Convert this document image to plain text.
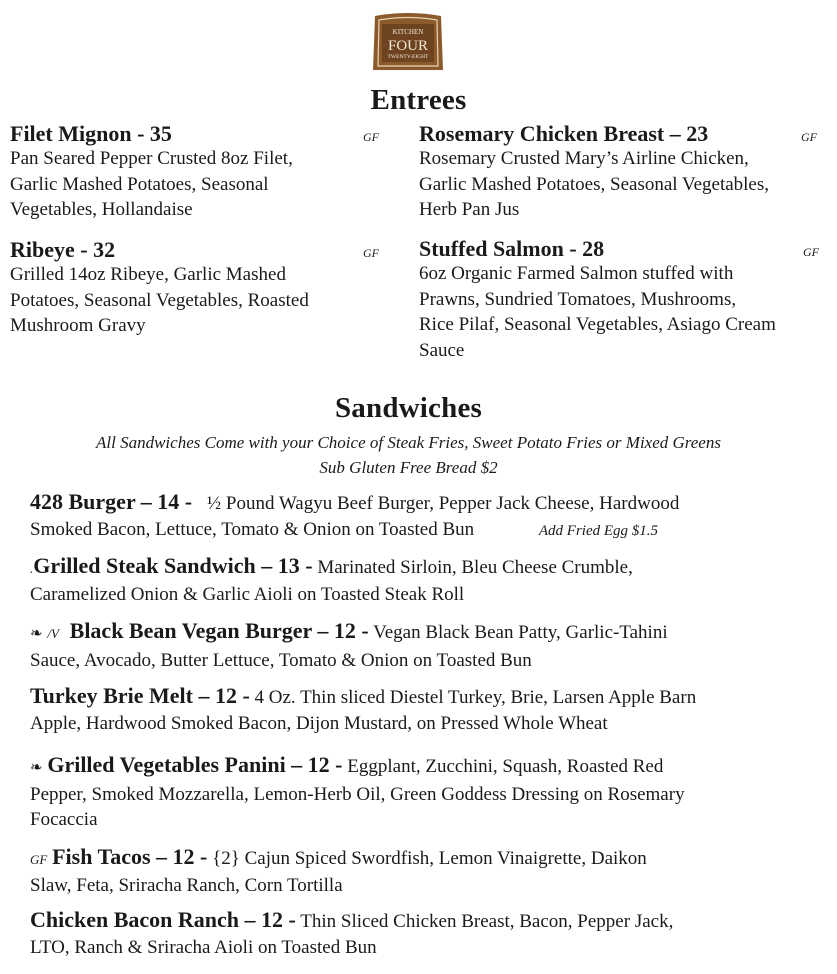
KITCHEN
FOUR
TWENTY-EIGHT
Entrees
Filet Mignon - 35
Pan Seared Pepper Crusted 8oz Filet,
Garlic Mashed Potatoes, Seasonal
Vegetables, Hollandaise
GF Rosemary Chicken Breast – 23
Rosemary Crusted Mary’s Airline Chicken,
Garlic Mashed Potatoes, Seasonal Vegetables,
Herb Pan Jus
GF
Ribeye - 32
Grilled 14oz Ribeye, Garlic Mashed
Potatoes, Seasonal Vegetables, Roasted
Mushroom Gravy
GF Stuffed Salmon - 28
6oz Organic Farmed Salmon stuffed with
Prawns, Sundried Tomatoes, Mushrooms,
Rice Pilaf, Seasonal Vegetables, Asiago Cream
Sauce
GF
Sandwiches
All Sandwiches Come with your Choice of Steak Fries, Sweet Potato Fries or Mixed Greens
Sub Gluten Free Bread $2
428 Burger – 14 - ½ Pound Wagyu Beef Burger, Pepper Jack Cheese, Hardwood
Smoked Bacon, Lettuce, Tomato & Onion on Toasted Bun	Add Fried Egg $1.5
.Grilled Steak Sandwich – 13 - Marinated Sirloin, Bleu Cheese Crumble,
Caramelized Onion & Garlic Aioli on Toasted Steak Roll
❧ /V Black Bean Vegan Burger – 12 - Vegan Black Bean Patty, Garlic-Tahini
Sauce, Avocado, Butter Lettuce, Tomato & Onion on Toasted Bun
Turkey Brie Melt – 12 - 4 Oz. Thin sliced Diestel Turkey, Brie, Larsen Apple Barn
Apple, Hardwood Smoked Bacon, Dijon Mustard, on Pressed Whole Wheat
❧ Grilled Vegetables Panini – 12 - Eggplant, Zucchini, Squash, Roasted Red
Pepper, Smoked Mozzarella, Lemon-Herb Oil, Green Goddess Dressing on Rosemary
Focaccia
GF Fish Tacos – 12 - {2} Cajun Spiced Swordfish, Lemon Vinaigrette, Daikon
Slaw, Feta, Sriracha Ranch, Corn Tortilla
Chicken Bacon Ranch – 12 - Thin Sliced Chicken Breast, Bacon, Pepper Jack,
LTO, Ranch & Sriracha Aioli on Toasted Bun
